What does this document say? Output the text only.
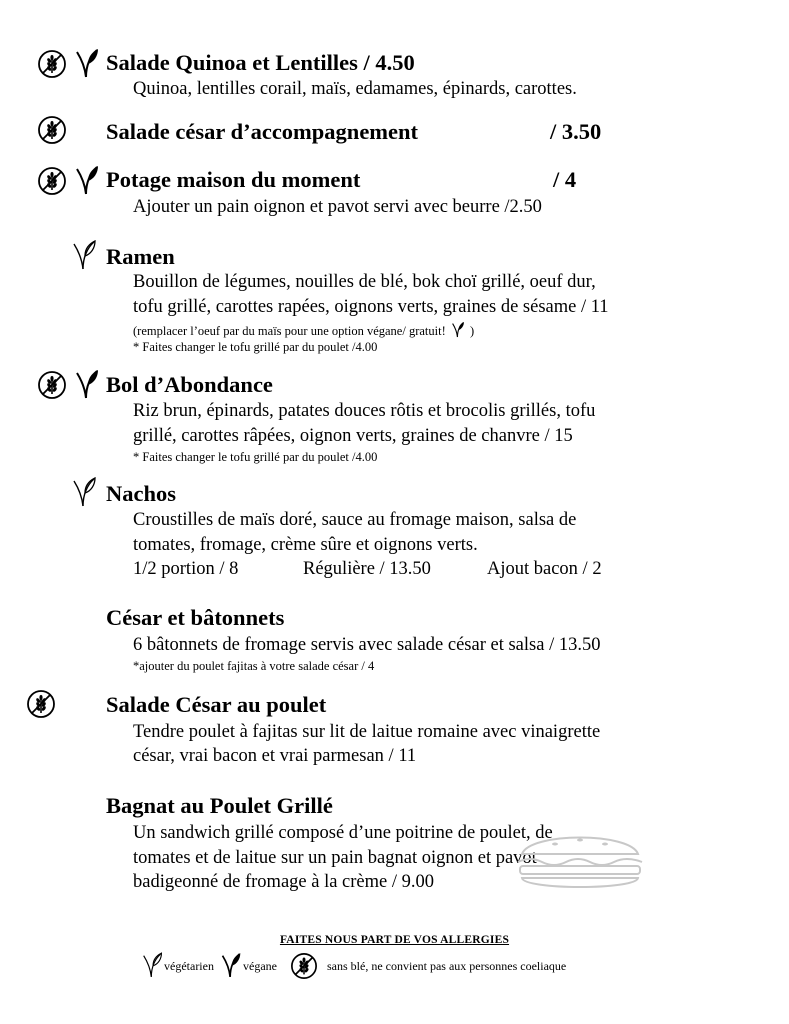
Salade Quinoa et Lentilles / 4.50
Quinoa, lentilles corail, maïs, edamames, épinards, carottes.
Salade césar d’accompagnement	/ 3.50
Potage maison du moment	/ 4
Ajouter un pain oignon et pavot servi avec beurre /2.50
Ramen
Bouillon de légumes, nouilles de blé, bok choï grillé, oeuf dur,
tofu grillé, carottes rapées, oignons verts, graines de sésame / 11
(remplacer l’oeuf par du maïs pour une option végane/ gratuit! )
* Faites changer le tofu grillé par du poulet /4.00
Bol d’Abondance
Riz brun, épinards, patates douces rôtis et brocolis grillés, tofu
grillé, carottes râpées, oignon verts, graines de chanvre / 15
* Faites changer le tofu grillé par du poulet /4.00
Nachos
Croustilles de maïs doré, sauce au fromage maison, salsa de
tomates, fromage, crème sûre et oignons verts.
1/2 portion / 8	Régulière / 13.50	Ajout bacon / 2
César et bâtonnets
6 bâtonnets de fromage servis avec salade césar et salsa / 13.50
*ajouter du poulet fajitas à votre salade césar / 4
Salade César au poulet
Tendre poulet à fajitas sur lit de laitue romaine avec vinaigrette
césar, vrai bacon et vrai parmesan / 11
Bagnat au Poulet Grillé
Un sandwich grillé composé d’une poitrine de poulet, de
tomates et de laitue sur un pain bagnat oignon et pavot
badigeonné de fromage à la crème / 9.00
FAITES NOUS PART DE VOS ALLERGIES
végétarien végane	sans blé, ne convient pas aux personnes coeliaque
